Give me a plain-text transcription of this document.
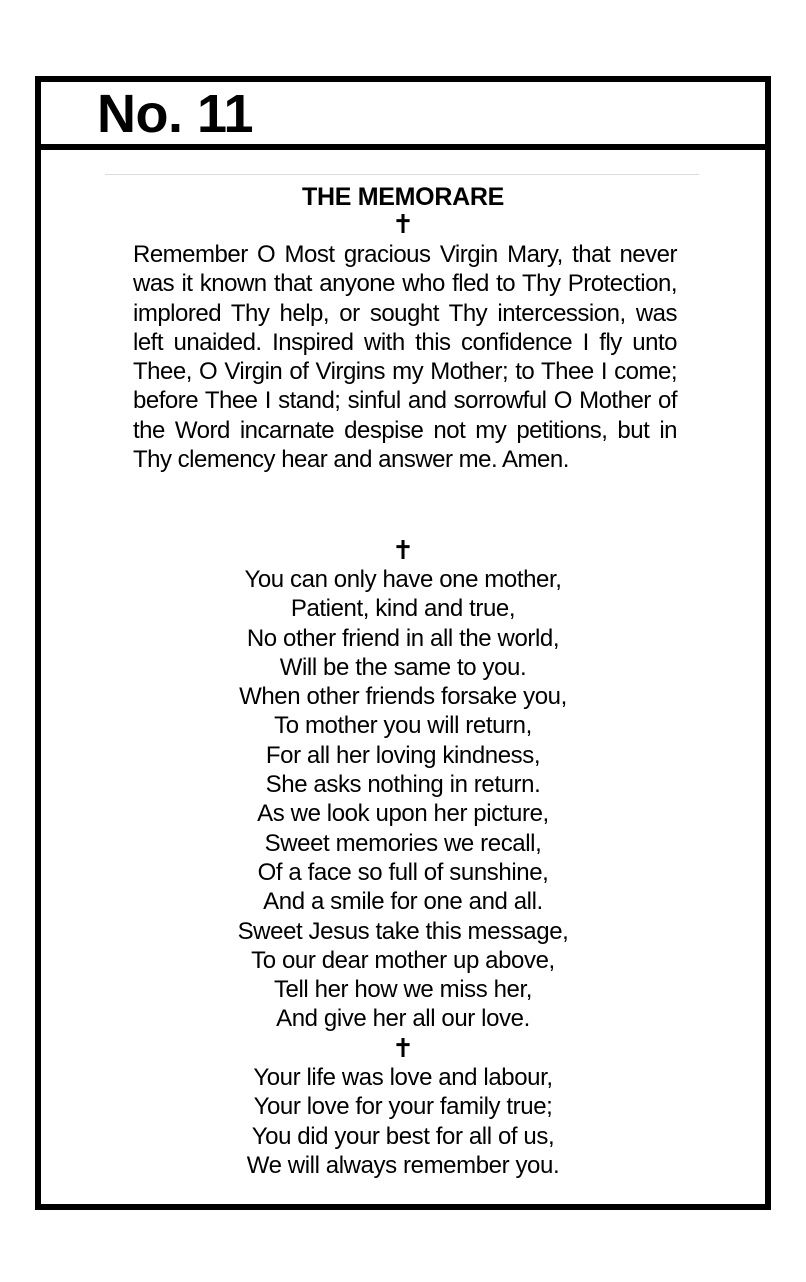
No. 11
THE MEMORARE
✝
Remember O Most gracious Virgin Mary, that never was it known that anyone who fled to Thy Protection, implored Thy help, or sought Thy intercession, was left unaided. Inspired with this confidence I fly unto Thee, O Virgin of Virgins my Mother; to Thee I come; before Thee I stand; sinful and sorrowful O Mother of the Word incarnate despise not my petitions, but in Thy clemency hear and answer me. Amen.
✝
You can only have one mother,
Patient, kind and true,
No other friend in all the world,
Will be the same to you.
When other friends forsake you,
To mother you will return,
For all her loving kindness,
She asks nothing in return.
As we look upon her picture,
Sweet memories we recall,
Of a face so full of sunshine,
And a smile for one and all.
Sweet Jesus take this message,
To our dear mother up above,
Tell her how we miss her,
And give her all our love.
✝
Your life was love and labour,
Your love for your family true;
You did your best for all of us,
We will always remember you.
